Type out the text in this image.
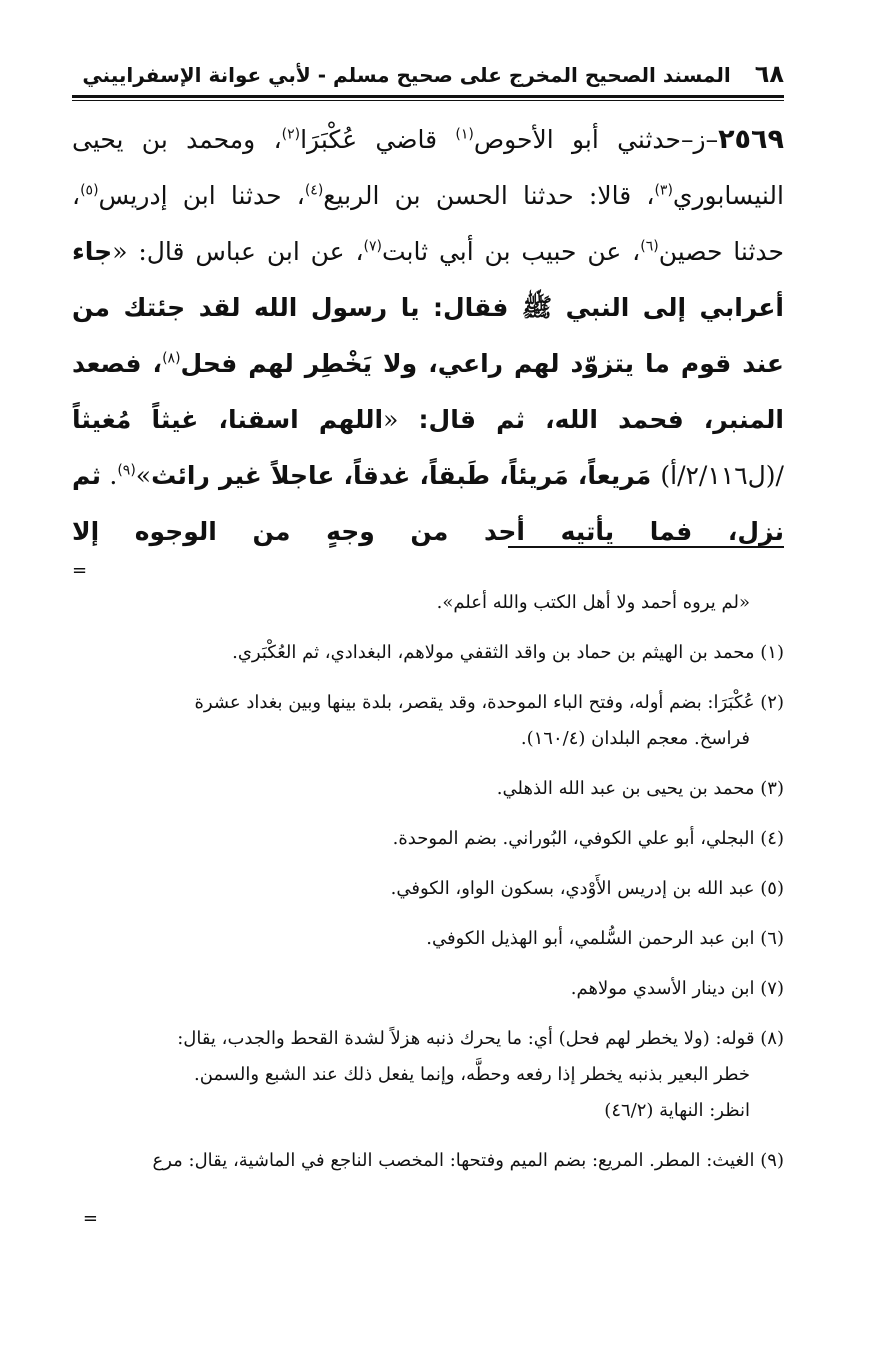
٦٨
المسند الصحيح المخرج على صحيح مسلم - لأبي عوانة الإسفراييني

٢٥٦٩–ز–حدثني أبو الأحوص$^{(١)}$ قاضي عُكْبَرَا$^{(٢)}$، ومحمد بن يحيى النيسابوري$^{(٣)}$، قالا: حدثنا الحسن بن الربيع$^{(٤)}$، حدثنا ابن إدريس$^{(٥)}$، حدثنا حصين$^{(٦)}$، عن حبيب بن أبي ثابت$^{(٧)}$، عن ابن عباس قال: «جاء أعرابي إلى النبي ﷺ فقال: يا رسول الله لقد جئتك من عند قوم ما يتزوّد لهم راعي، ولا يَخْطِر لهم فحل$^{(٨)}$، فصعد المنبر، فحمد الله، ثم قال: «اللهم اسقنا، غيثاً مُغيثاً /(ل٢/١١٦/أ) مَريعاً، مَريئاً، طَبقاً، غدقاً، عاجلاً غير رائث»$^{(٩)}$. ثم نزل، فما يأتيه أحد من وجهٍ من الوجوه إلا

=

«لم يروه أحمد ولا أهل الكتب والله أعلم».

(١) محمد بن الهيثم بن حماد بن واقد الثقفي مولاهم، البغدادي، ثم العُكْبَري.

(٢) عُكْبَرَا: بضم أوله، وفتح الباء الموحدة، وقد يقصر، بلدة بينها وبين بغداد عشرة
فراسخ. معجم البلدان (١٦٠/٤).

(٣) محمد بن يحيى بن عبد الله الذهلي.

(٤) البجلي، أبو علي الكوفي، البُوراني. بضم الموحدة.

(٥) عبد الله بن إدريس الأَوْدي، بسكون الواو، الكوفي.

(٦) ابن عبد الرحمن السُّلمي، أبو الهذيل الكوفي.

(٧) ابن دينار الأسدي مولاهم.

(٨) قوله: (ولا يخطر لهم فحل) أي: ما يحرك ذنبه هزلاً لشدة القحط والجدب، يقال:
خطر البعير بذنبه يخطر إذا رفعه وحطَّه، وإنما يفعل ذلك عند الشبع والسمن.
انظر: النهاية (٤٦/٢)

(٩) الغيث: المطر. المريع: بضم الميم وفتحها: المخصب الناجع في الماشية، يقال: مرع

=
